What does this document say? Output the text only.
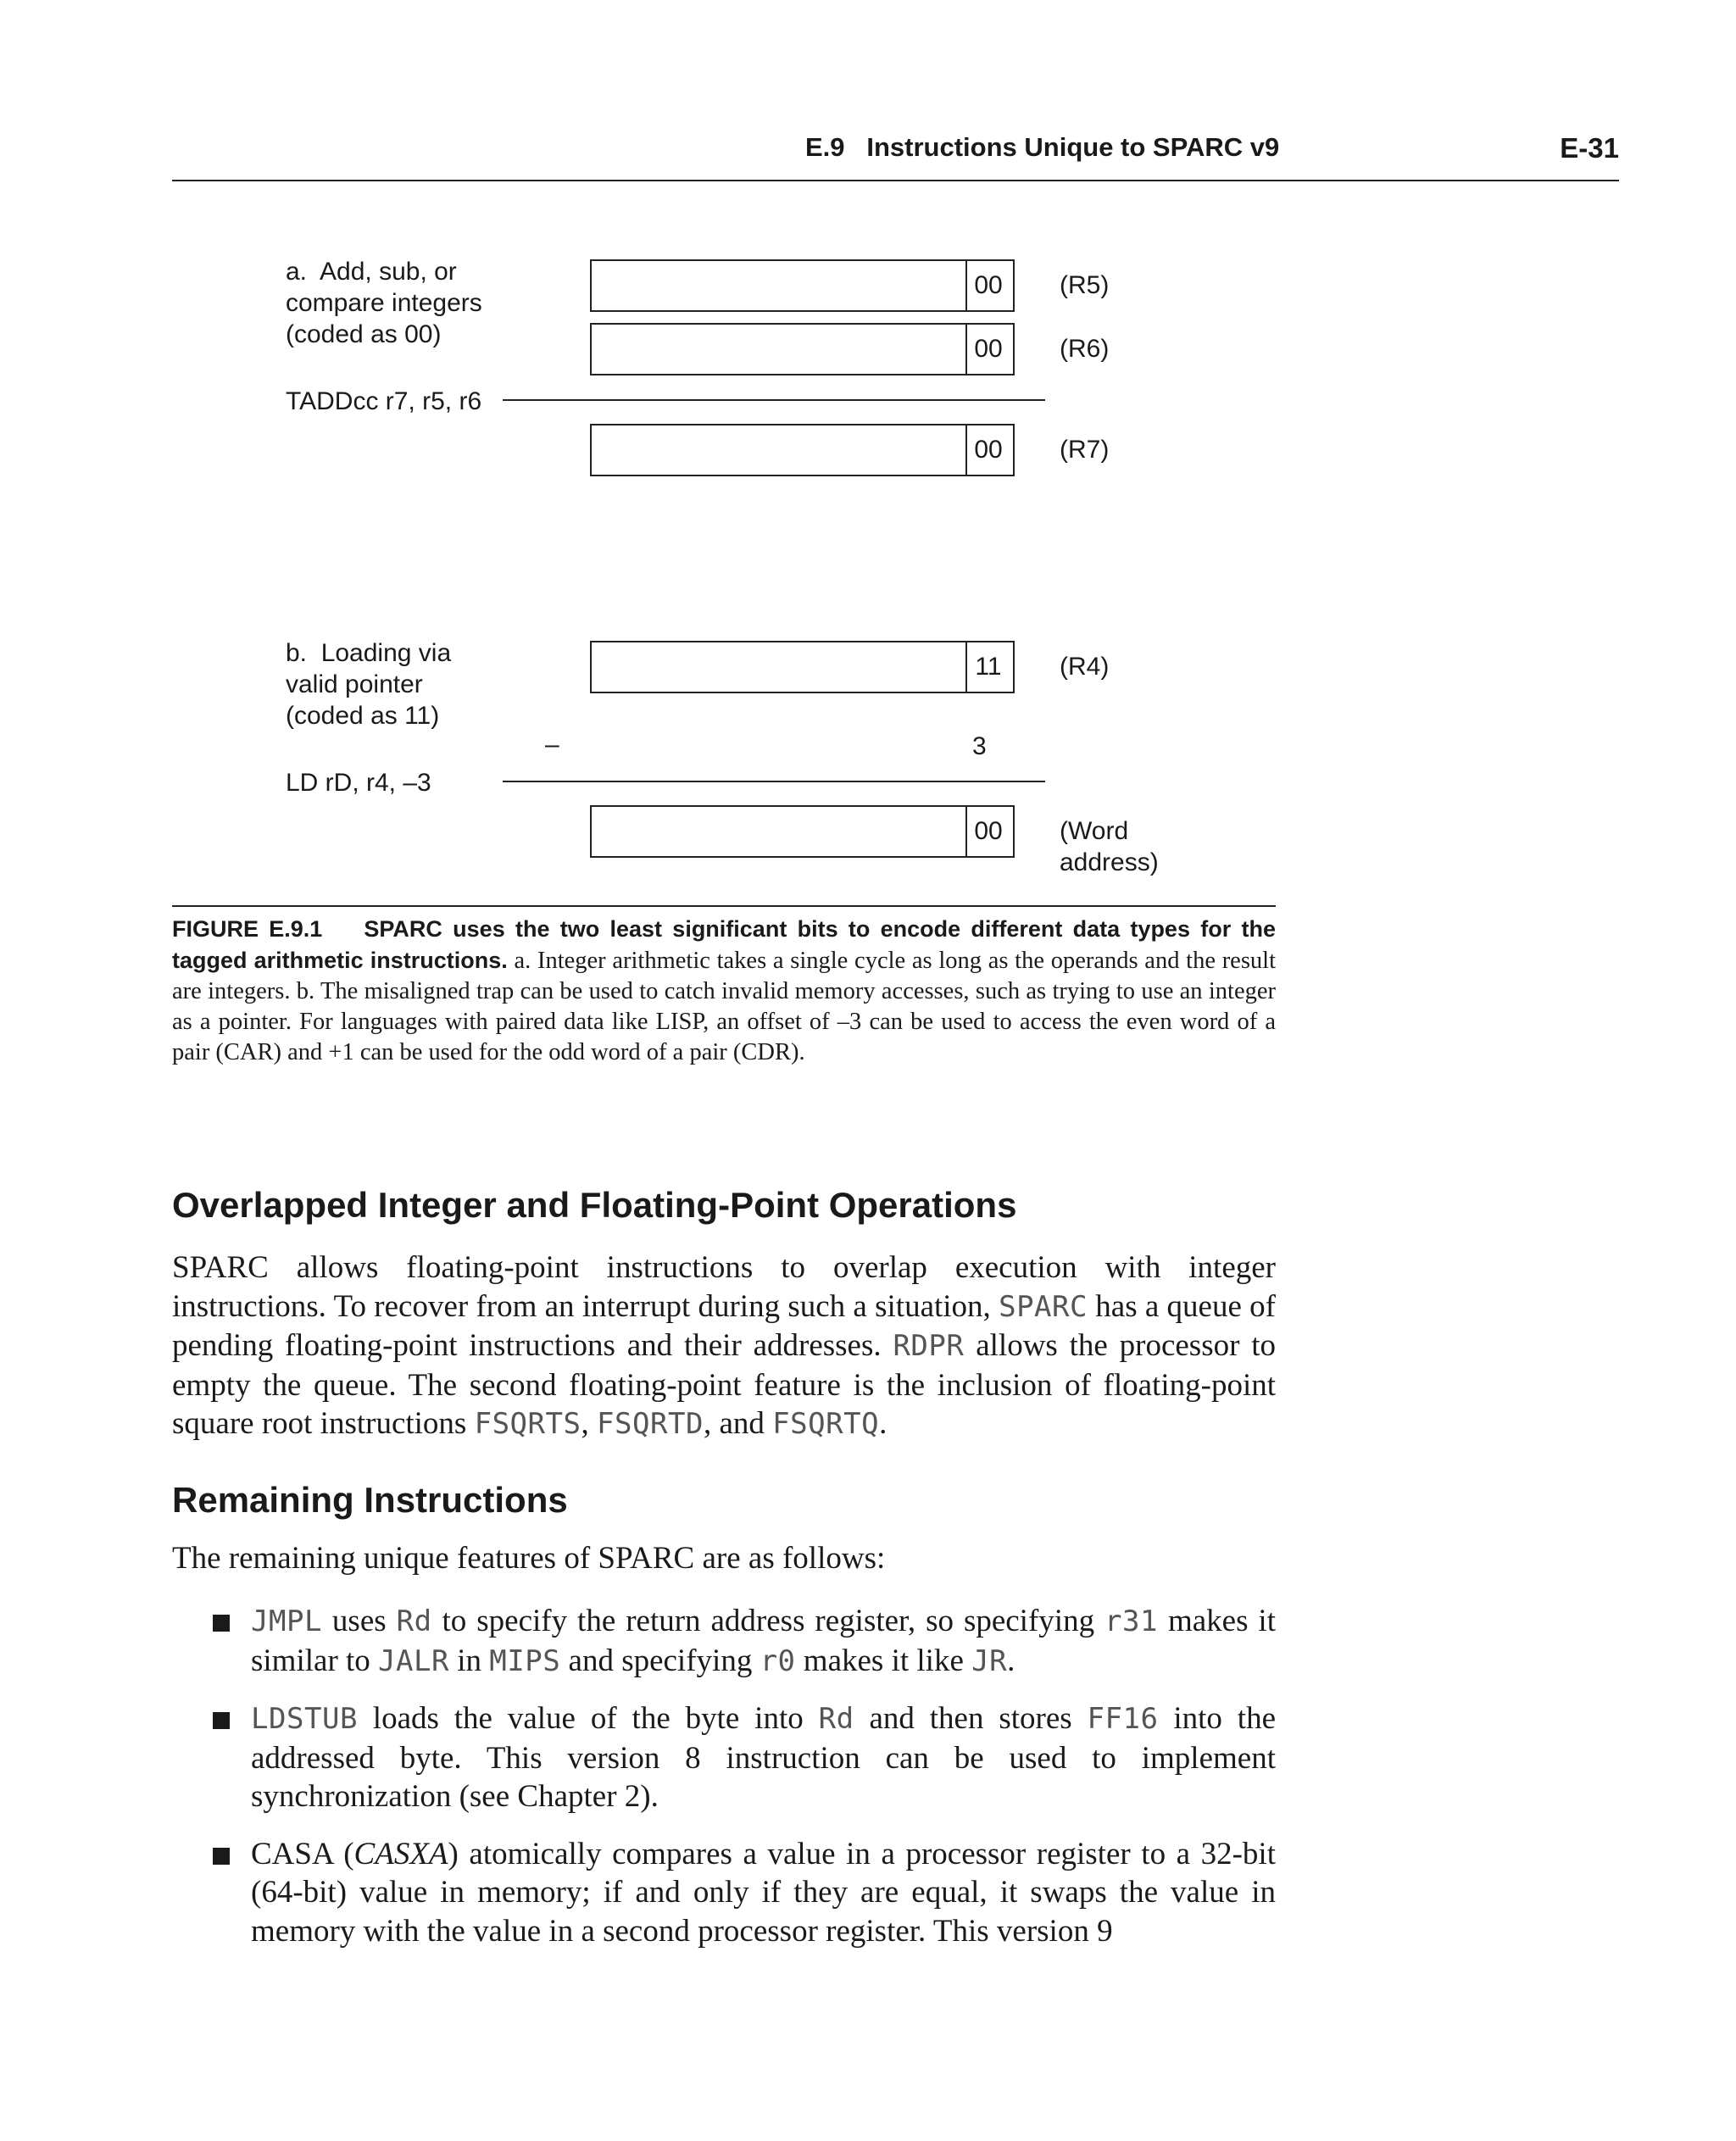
E.9   Instructions Unique to SPARC v9	E-31
a.  Add, sub, or
compare integers
(coded as 00)
00	(R5)
00	(R6)
TADDcc r7, r5, r6
00	(R7)
b.  Loading via
valid pointer
(coded as 11)
11	(R4)
–	3
LD rD, r4, –3
00	(Word
address)
FIGURE E.9.1 SPARC uses the two least significant bits to encode different data types for the tagged arithmetic instructions. a. Integer arithmetic takes a single cycle as long as the operands and the result are integers. b. The misaligned trap can be used to catch invalid memory accesses, such as trying to use an integer as a pointer. For languages with paired data like LISP, an offset of –3 can be used to access the even word of a pair (CAR) and +1 can be used for the odd word of a pair (CDR).
Overlapped Integer and Floating-Point Operations

SPARC allows floating-point instructions to overlap execution with integer instructions. To recover from an interrupt during such a situation, SPARC has a queue of pending floating-point instructions and their addresses. RDPR allows the processor to empty the queue. The second floating-point feature is the inclusion of floating-point square root instructions FSQRTS, FSQRTD, and FSQRTQ.

Remaining Instructions
The remaining unique features of SPARC are as follows:
JMPL uses Rd to specify the return address register, so specifying r31 makes it similar to JALR in MIPS and specifying r0 makes it like JR.
LDSTUB loads the value of the byte into Rd and then stores FF16 into the addressed byte. This version 8 instruction can be used to implement synchronization (see Chapter 2).
CASA (CASXA) atomically compares a value in a processor register to a 32-bit (64-bit) value in memory; if and only if they are equal, it swaps the value in memory with the value in a second processor register. This version 9
